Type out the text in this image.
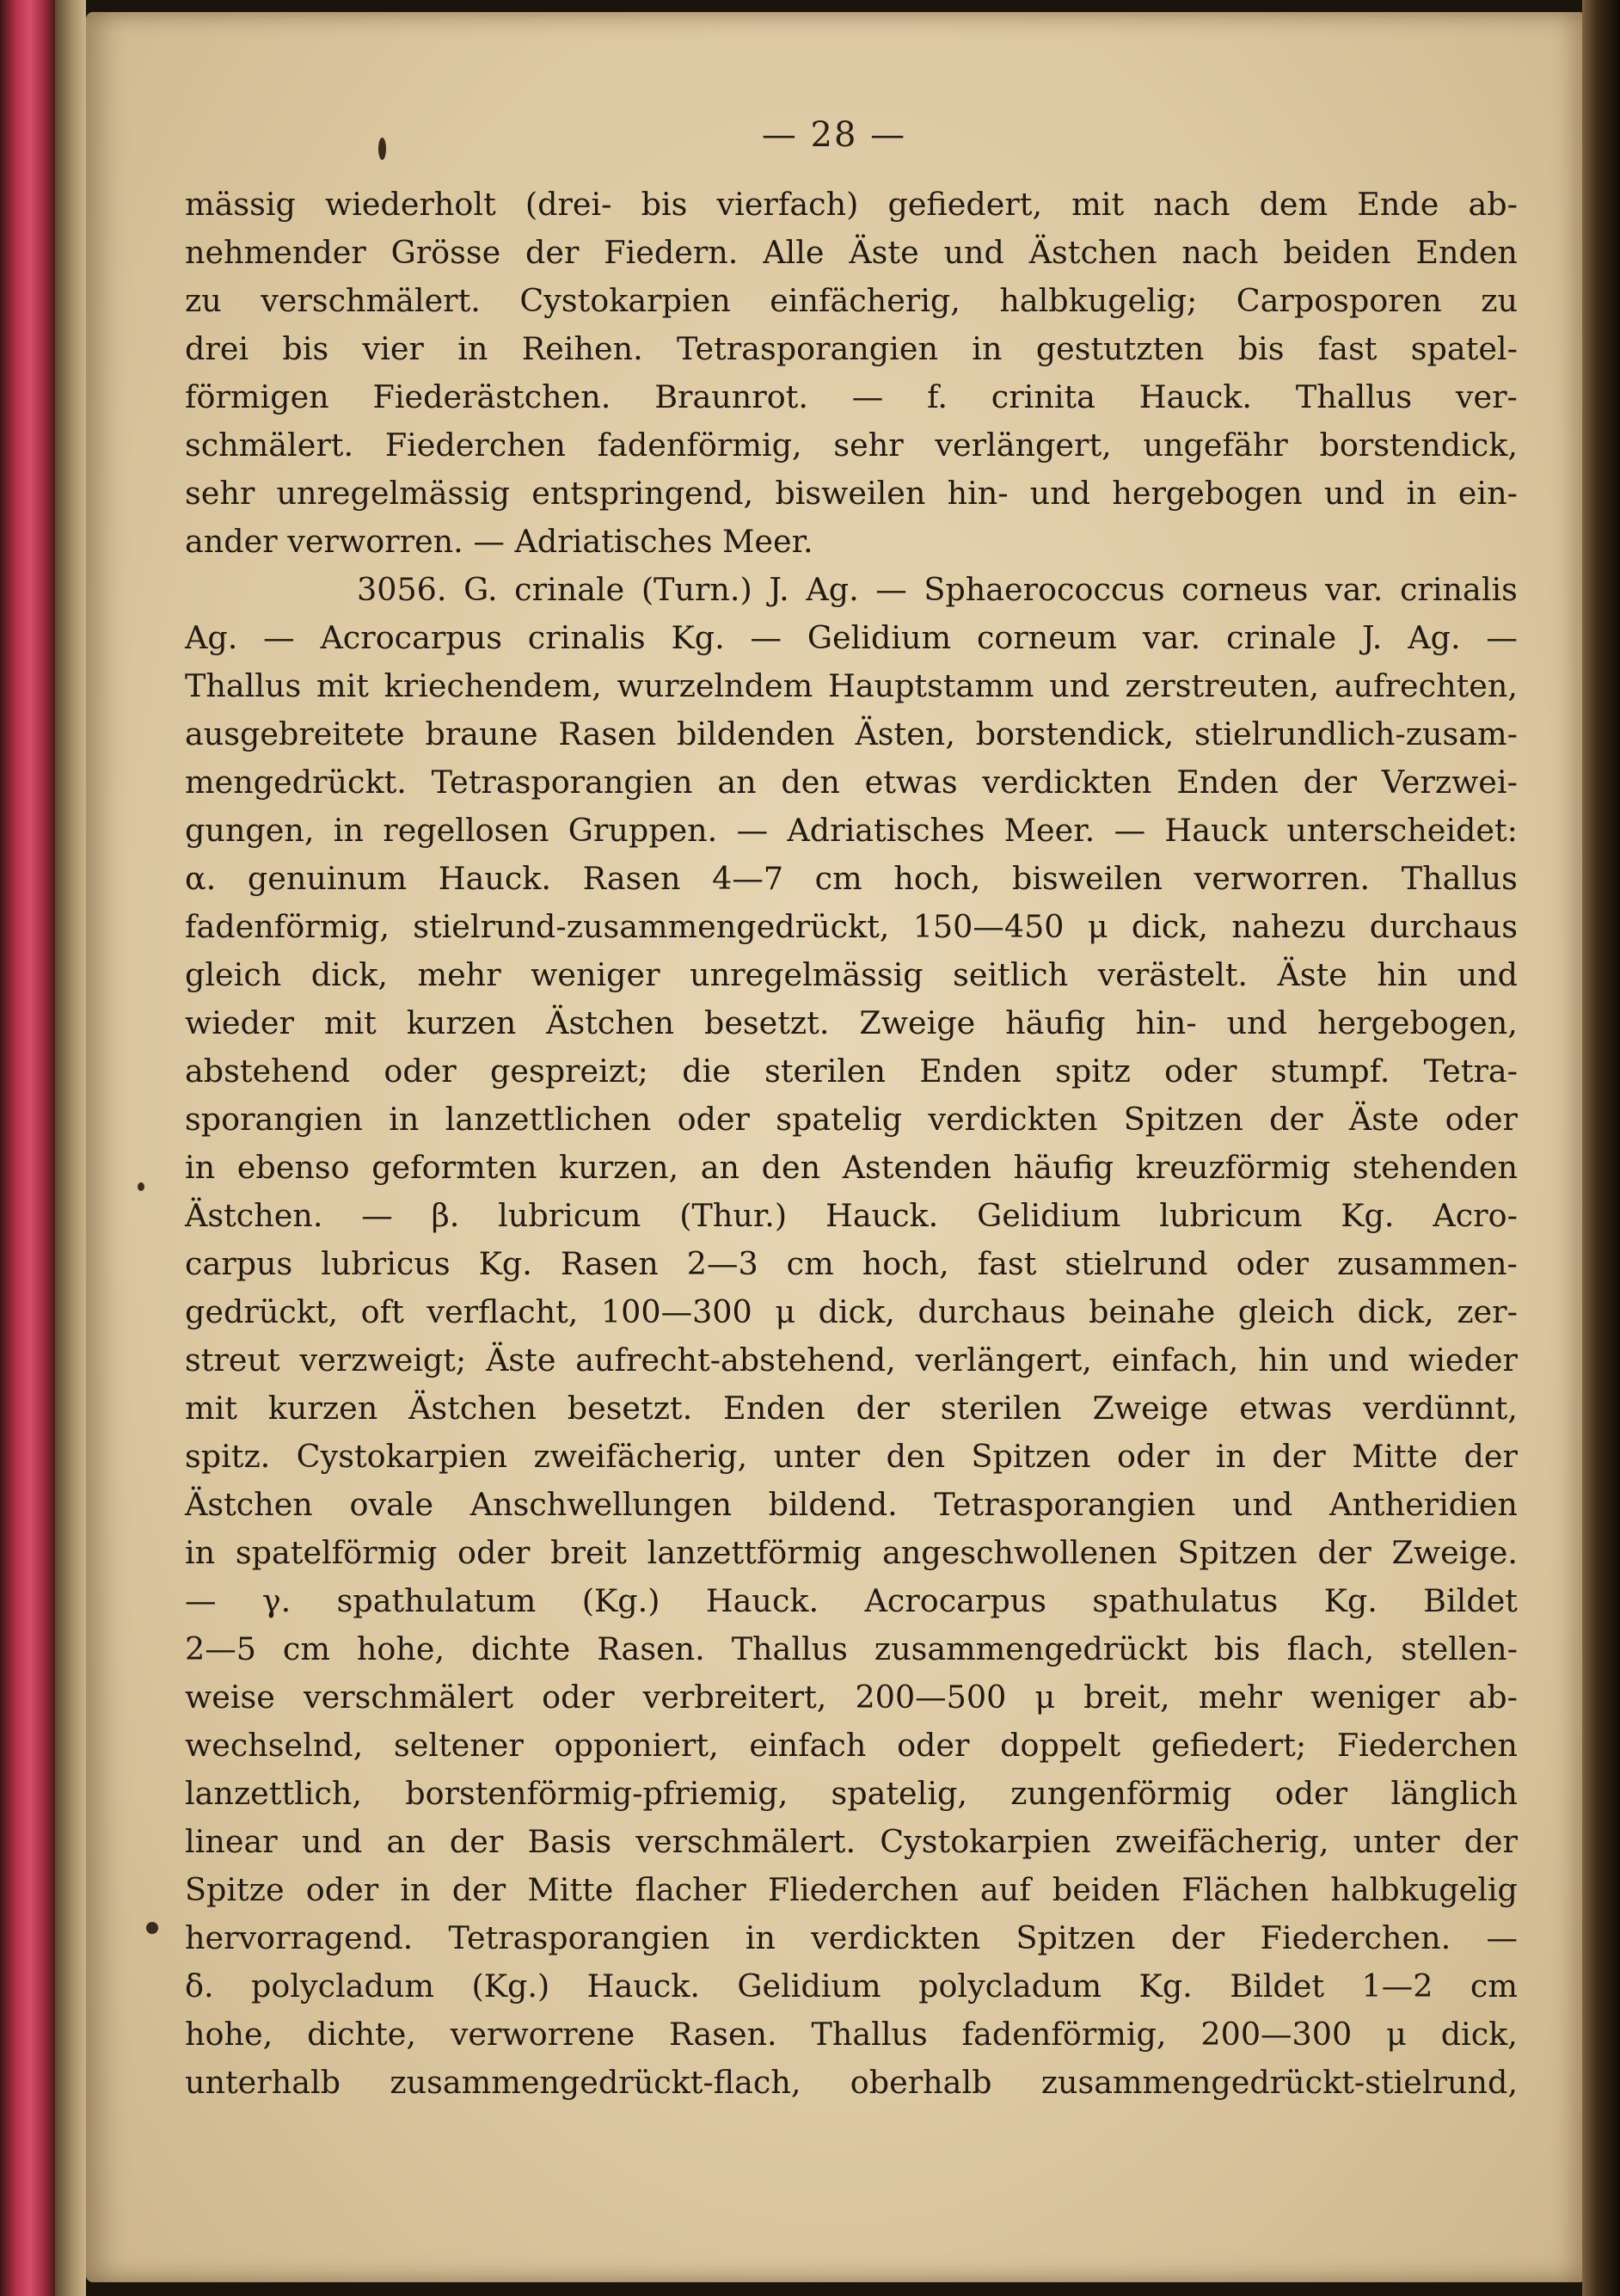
— 28 —
mässig wiederholt (drei- bis vierfach) gefiedert, mit nach dem Ende ab-
nehmender Grösse der Fiedern. Alle Äste und Ästchen nach beiden Enden
zu verschmälert. Cystokarpien einfächerig, halbkugelig; Carposporen zu
drei bis vier in Reihen. Tetrasporangien in gestutzten bis fast spatel-
förmigen Fiederästchen. Braunrot. — f. crinita Hauck. Thallus ver-
schmälert. Fiederchen fadenförmig, sehr verlängert, ungefähr borstendick,
sehr unregelmässig entspringend, bisweilen hin- und hergebogen und in ein-
ander verworren. — Adriatisches Meer.
3056. G. crinale (Turn.) J. Ag. — Sphaerococcus corneus var. crinalis
Ag. — Acrocarpus crinalis Kg. — Gelidium corneum var. crinale J. Ag. —
Thallus mit kriechendem, wurzelndem Hauptstamm und zerstreuten, aufrechten,
ausgebreitete braune Rasen bildenden Ästen, borstendick, stielrundlich-zusam-
mengedrückt. Tetrasporangien an den etwas verdickten Enden der Verzwei-
gungen, in regellosen Gruppen. — Adriatisches Meer. — Hauck unterscheidet:
α. genuinum Hauck. Rasen 4—7 cm hoch, bisweilen verworren. Thallus
fadenförmig, stielrund-zusammengedrückt, 150—450 μ dick, nahezu durchaus
gleich dick, mehr weniger unregelmässig seitlich verästelt. Äste hin und
wieder mit kurzen Ästchen besetzt. Zweige häufig hin- und hergebogen,
abstehend oder gespreizt; die sterilen Enden spitz oder stumpf. Tetra-
sporangien in lanzettlichen oder spatelig verdickten Spitzen der Äste oder
in ebenso geformten kurzen, an den Astenden häufig kreuzförmig stehenden
Ästchen. — β. lubricum (Thur.) Hauck. Gelidium lubricum Kg. Acro-
carpus lubricus Kg. Rasen 2—3 cm hoch, fast stielrund oder zusammen-
gedrückt, oft verflacht, 100—300 μ dick, durchaus beinahe gleich dick, zer-
streut verzweigt; Äste aufrecht-abstehend, verlängert, einfach, hin und wieder
mit kurzen Ästchen besetzt. Enden der sterilen Zweige etwas verdünnt,
spitz. Cystokarpien zweifächerig, unter den Spitzen oder in der Mitte der
Ästchen ovale Anschwellungen bildend. Tetrasporangien und Antheridien
in spatelförmig oder breit lanzettförmig angeschwollenen Spitzen der Zweige.
— γ. spathulatum (Kg.) Hauck. Acrocarpus spathulatus Kg. Bildet
2—5 cm hohe, dichte Rasen. Thallus zusammengedrückt bis flach, stellen-
weise verschmälert oder verbreitert, 200—500 μ breit, mehr weniger ab-
wechselnd, seltener opponiert, einfach oder doppelt gefiedert; Fiederchen
lanzettlich, borstenförmig-pfriemig, spatelig, zungenförmig oder länglich
linear und an der Basis verschmälert. Cystokarpien zweifächerig, unter der
Spitze oder in der Mitte flacher Fliederchen auf beiden Flächen halbkugelig
hervorragend. Tetrasporangien in verdickten Spitzen der Fiederchen. —
δ. polycladum (Kg.) Hauck. Gelidium polycladum Kg. Bildet 1—2 cm
hohe, dichte, verworrene Rasen. Thallus fadenförmig, 200—300 μ dick,
unterhalb zusammengedrückt-flach, oberhalb zusammengedrückt-stielrund,
